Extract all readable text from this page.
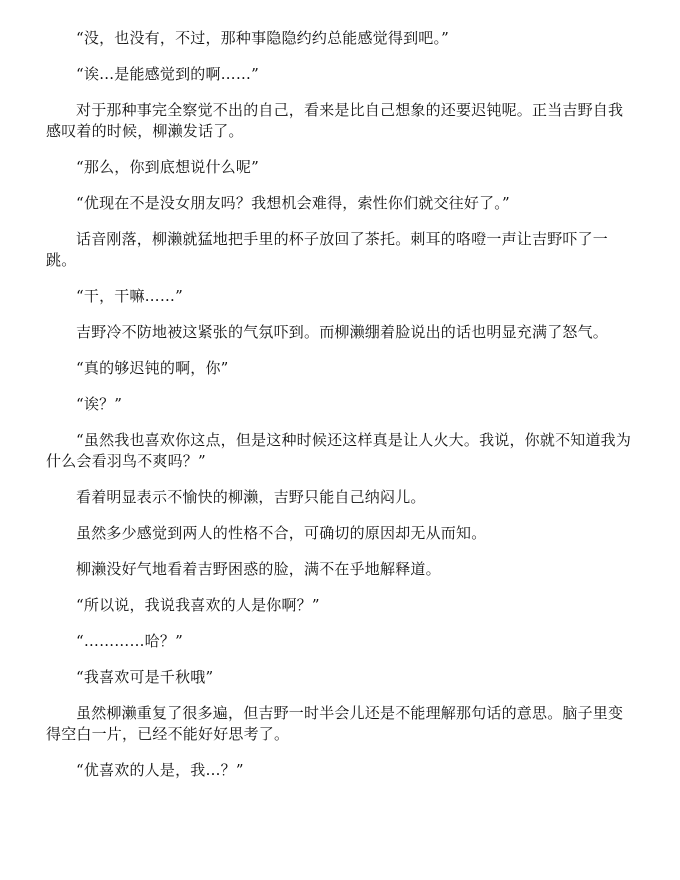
“没，也没有，不过，那种事隐隐约约总能感觉得到吧。”

“诶…是能感觉到的啊……”

对于那种事完全察觉不出的自己，看来是比自己想象的还要迟钝呢。正当吉野自我感叹着的时候，柳濑发话了。

“那么，你到底想说什么呢”

“优现在不是没女朋友吗？我想机会难得，索性你们就交往好了。”

话音刚落，柳濑就猛地把手里的杯子放回了茶托。刺耳的咯噔一声让吉野吓了一跳。

“干，干嘛……”

吉野冷不防地被这紧张的气氛吓到。而柳濑绷着脸说出的话也明显充满了怒气。

“真的够迟钝的啊，你”

“诶？”

“虽然我也喜欢你这点，但是这种时候还这样真是让人火大。我说，你就不知道我为什么会看羽鸟不爽吗？”

看着明显表示不愉快的柳濑，吉野只能自己纳闷儿。

虽然多少感觉到两人的性格不合，可确切的原因却无从而知。

柳濑没好气地看着吉野困惑的脸，满不在乎地解释道。

“所以说，我说我喜欢的人是你啊？”

“…………哈？”

“我喜欢可是千秋哦”

虽然柳濑重复了很多遍，但吉野一时半会儿还是不能理解那句话的意思。脑子里变得空白一片，已经不能好好思考了。

“优喜欢的人是，我…？”
